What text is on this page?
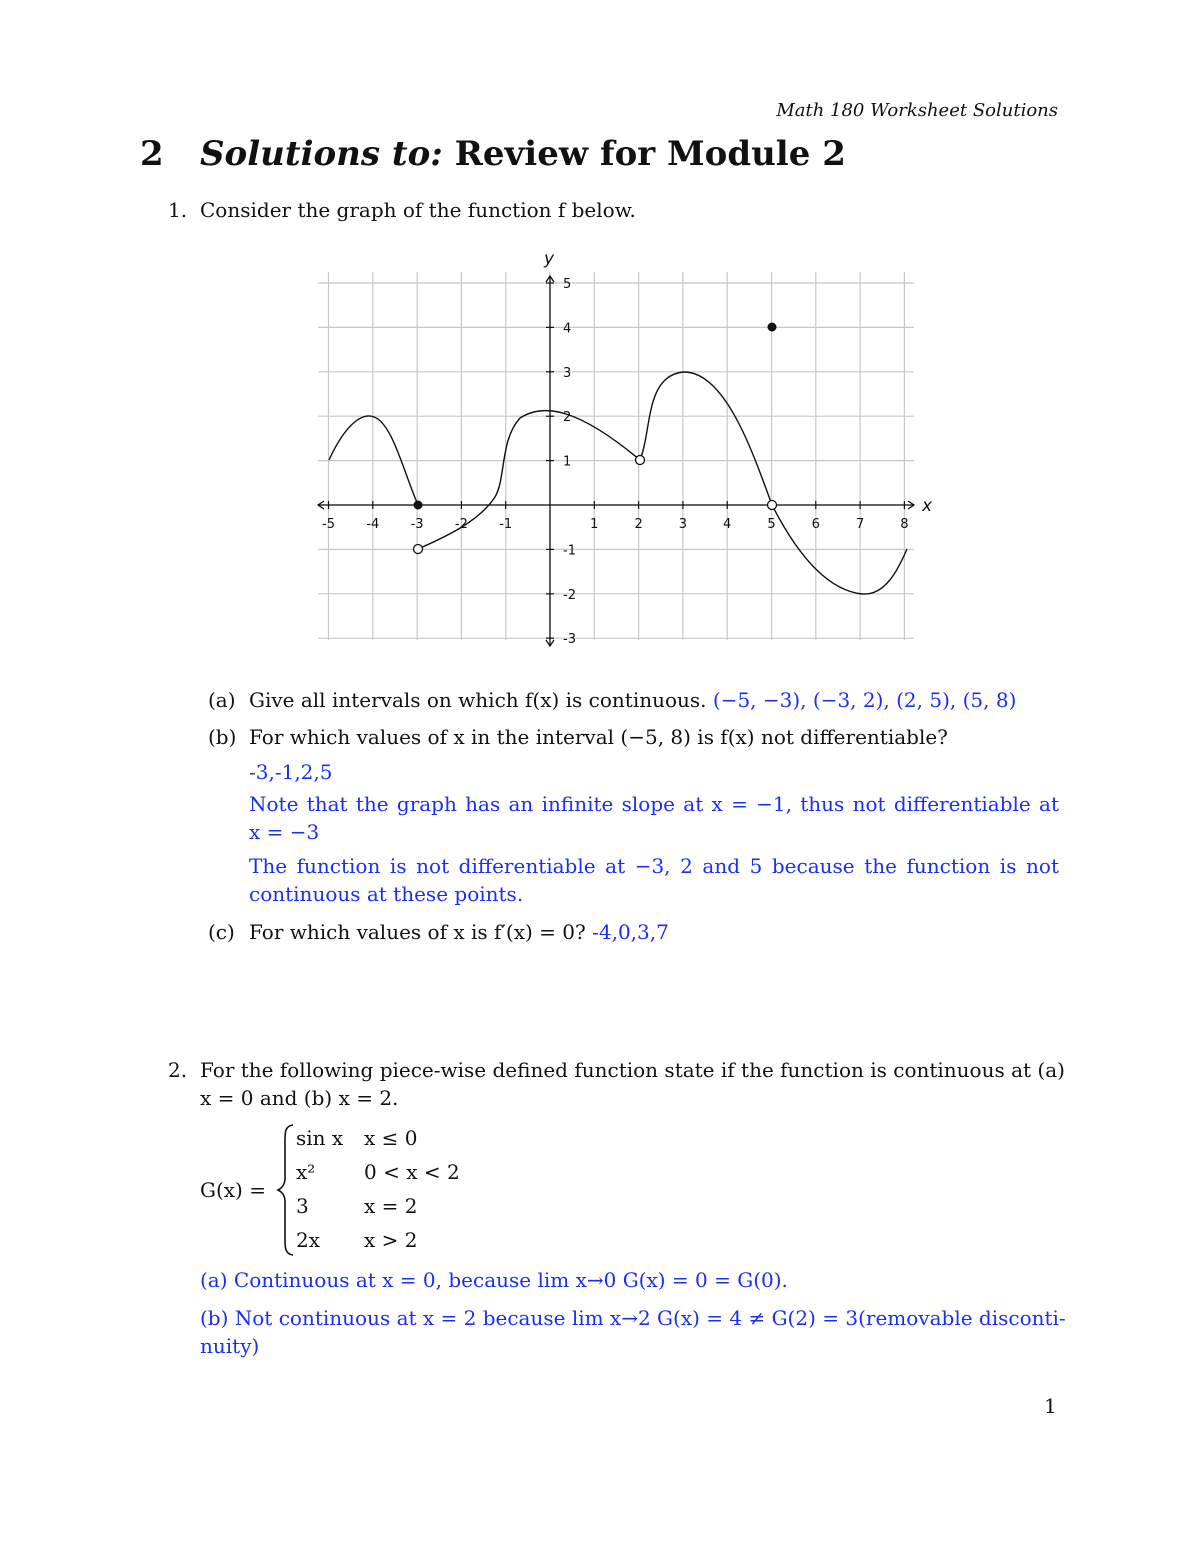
Math 180 Worksheet Solutions
2 Solutions to: Review for Module 2
1. Consider the graph of the function f below.
-5 -4 -3 -2 -1	1	2	3	4	5	6	7	8
5
4
3
2
1
-1
-2
-3
x
y
(a) Give all intervals on which f(x) is continuous. (−5, −3), (−3, 2), (2, 5), (5, 8)
(b) For which values of x in the interval (−5, 8) is f(x) not differentiable?
-3,-1,2,5
Note that the graph has an infinite slope at x = −1, thus not differentiable at
x = −3
The function is not differentiable at −3, 2 and 5 because the function is not
continuous at these points.
(c) For which values of x is f′(x) = 0? -4,0,3,7
2. For the following piece-wise defined function state if the function is continuous at (a)
x = 0 and (b) x = 2.
G(x) =
sin x	x ≤ 0
x²	0 < x < 2
3	x = 2
2x	x > 2
(a) Continuous at x = 0, because lim x→0 G(x) = 0 = G(0).
(b) Not continuous at x = 2 because lim x→2 G(x) = 4 ≠ G(2) = 3(removable disconti-
nuity)
1
